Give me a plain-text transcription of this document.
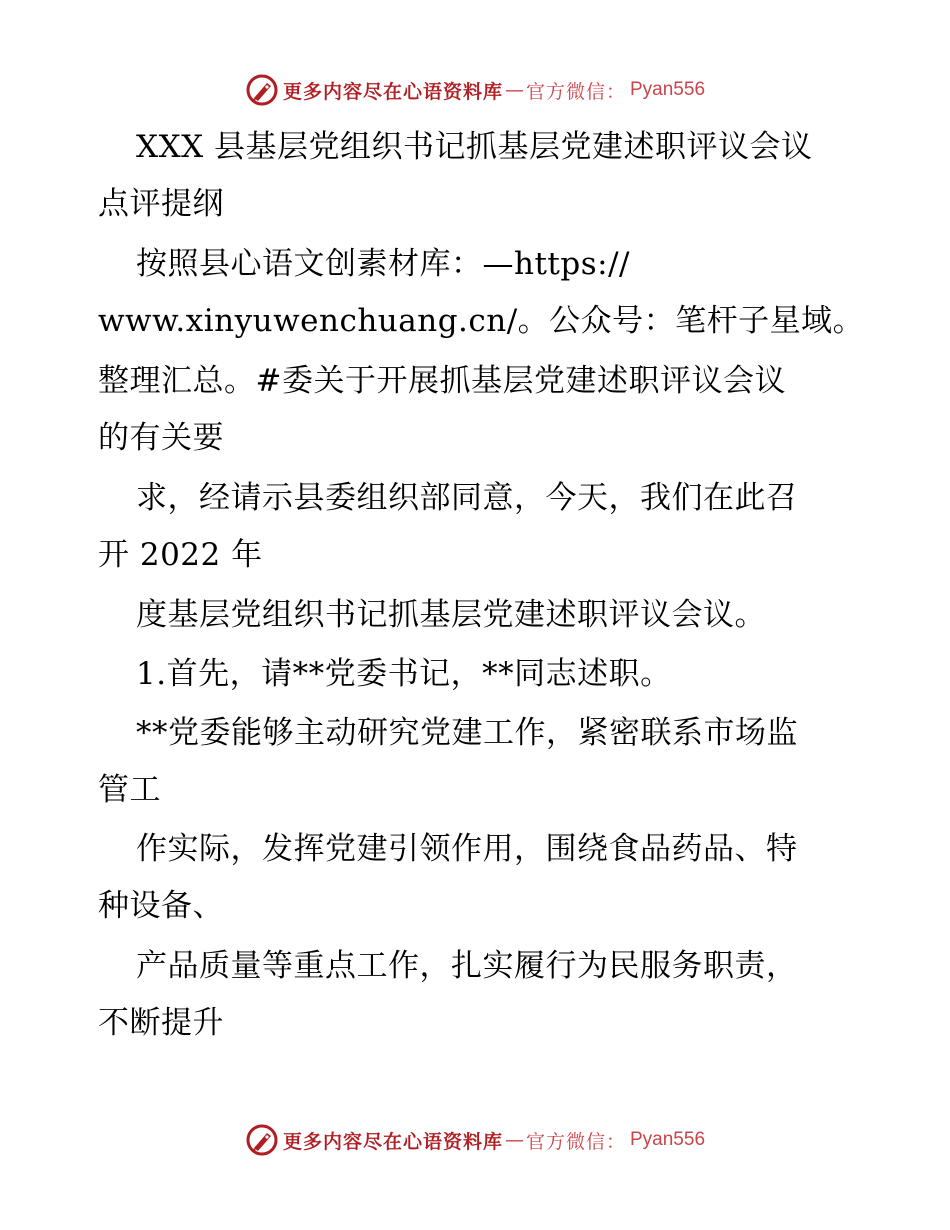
更多内容尽在心语资料库 — 官方微信： Pyan556
XXX 县基层党组织书记抓基层党建述职评议会议
点评提纲
按照县心语文创素材库：—https://
www.xinyuwenchuang.cn/。公众号：笔杆子星域。
整理汇总。#委关于开展抓基层党建述职评议会议
的有关要
求，经请示县委组织部同意，今天，我们在此召
开 2022 年
度基层党组织书记抓基层党建述职评议会议。
1.首先，请**党委书记，**同志述职。
**党委能够主动研究党建工作，紧密联系市场监
管工
作实际，发挥党建引领作用，围绕食品药品、特
种设备、
产品质量等重点工作，扎实履行为民服务职责，
不断提升
更多内容尽在心语资料库 — 官方微信： Pyan556
